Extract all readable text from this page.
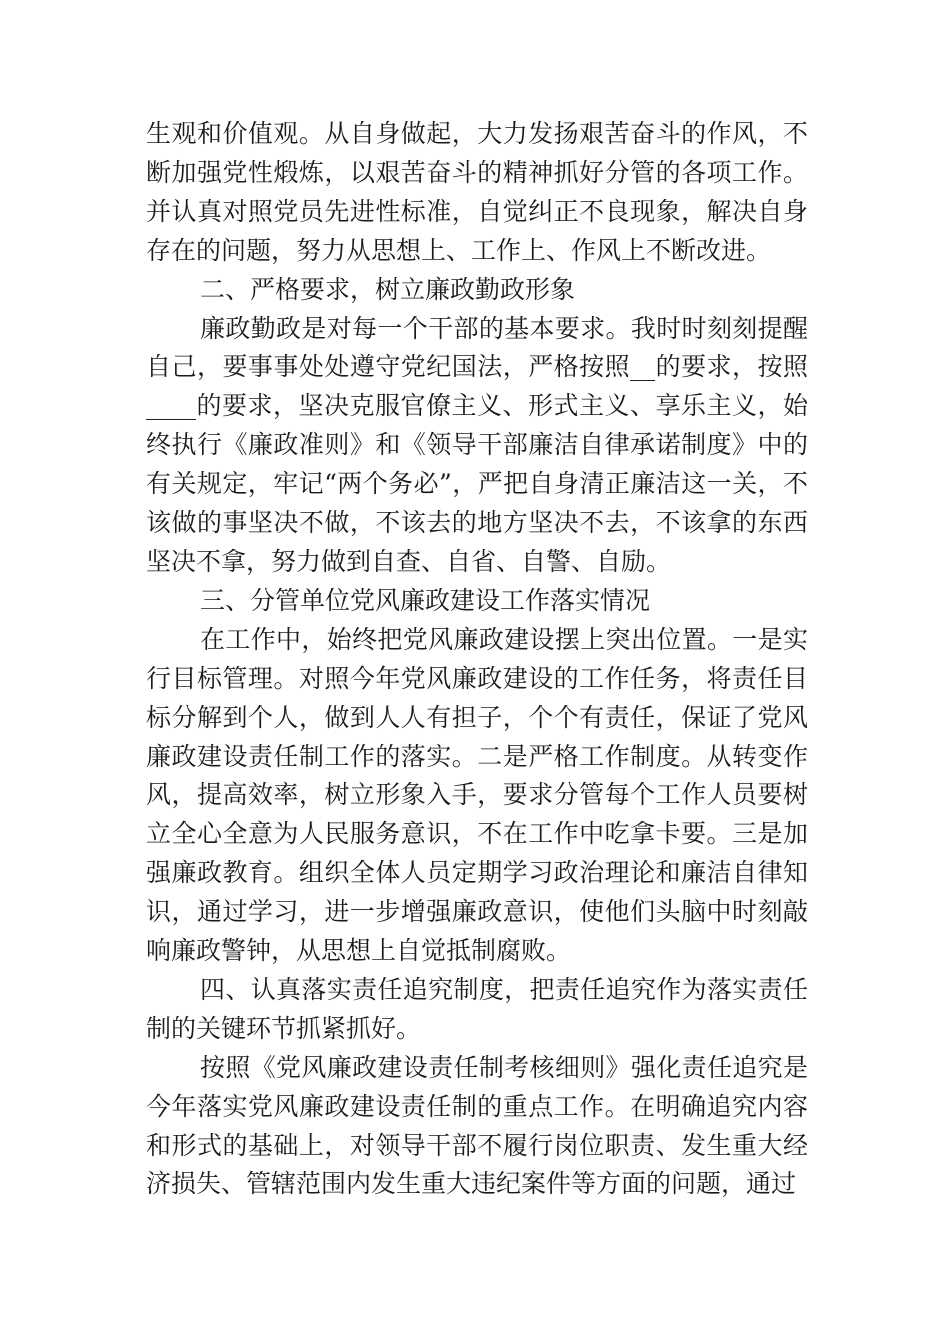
生观和价值观。从自身做起，大力发扬艰苦奋斗的作风，不断加强党性煅炼，以艰苦奋斗的精神抓好分管的各项工作。并认真对照党员先进性标准，自觉纠正不良现象，解决自身存在的问题，努力从思想上、工作上、作风上不断改进。

二、严格要求，树立廉政勤政形象

廉政勤政是对每一个干部的基本要求。我时时刻刻提醒自己，要事事处处遵守党纪国法，严格按照__的要求，按照____的要求，坚决克服官僚主义、形式主义、享乐主义，始终执行《廉政准则》和《领导干部廉洁自律承诺制度》中的有关规定，牢记“两个务必”，严把自身清正廉洁这一关，不该做的事坚决不做，不该去的地方坚决不去，不该拿的东西坚决不拿，努力做到自查、自省、自警、自励。

三、分管单位党风廉政建设工作落实情况

在工作中，始终把党风廉政建设摆上突出位置。一是实行目标管理。对照今年党风廉政建设的工作任务，将责任目标分解到个人，做到人人有担子，个个有责任，保证了党风廉政建设责任制工作的落实。二是严格工作制度。从转变作风，提高效率，树立形象入手，要求分管每个工作人员要树立全心全意为人民服务意识，不在工作中吃拿卡要。三是加强廉政教育。组织全体人员定期学习政治理论和廉洁自律知识，通过学习，进一步增强廉政意识，使他们头脑中时刻敲响廉政警钟，从思想上自觉抵制腐败。

四、认真落实责任追究制度，把责任追究作为落实责任制的关键环节抓紧抓好。

按照《党风廉政建设责任制考核细则》强化责任追究是今年落实党风廉政建设责任制的重点工作。在明确追究内容和形式的基础上，对领导干部不履行岗位职责、发生重大经济损失、管辖范围内发生重大违纪案件等方面的问题，通过
